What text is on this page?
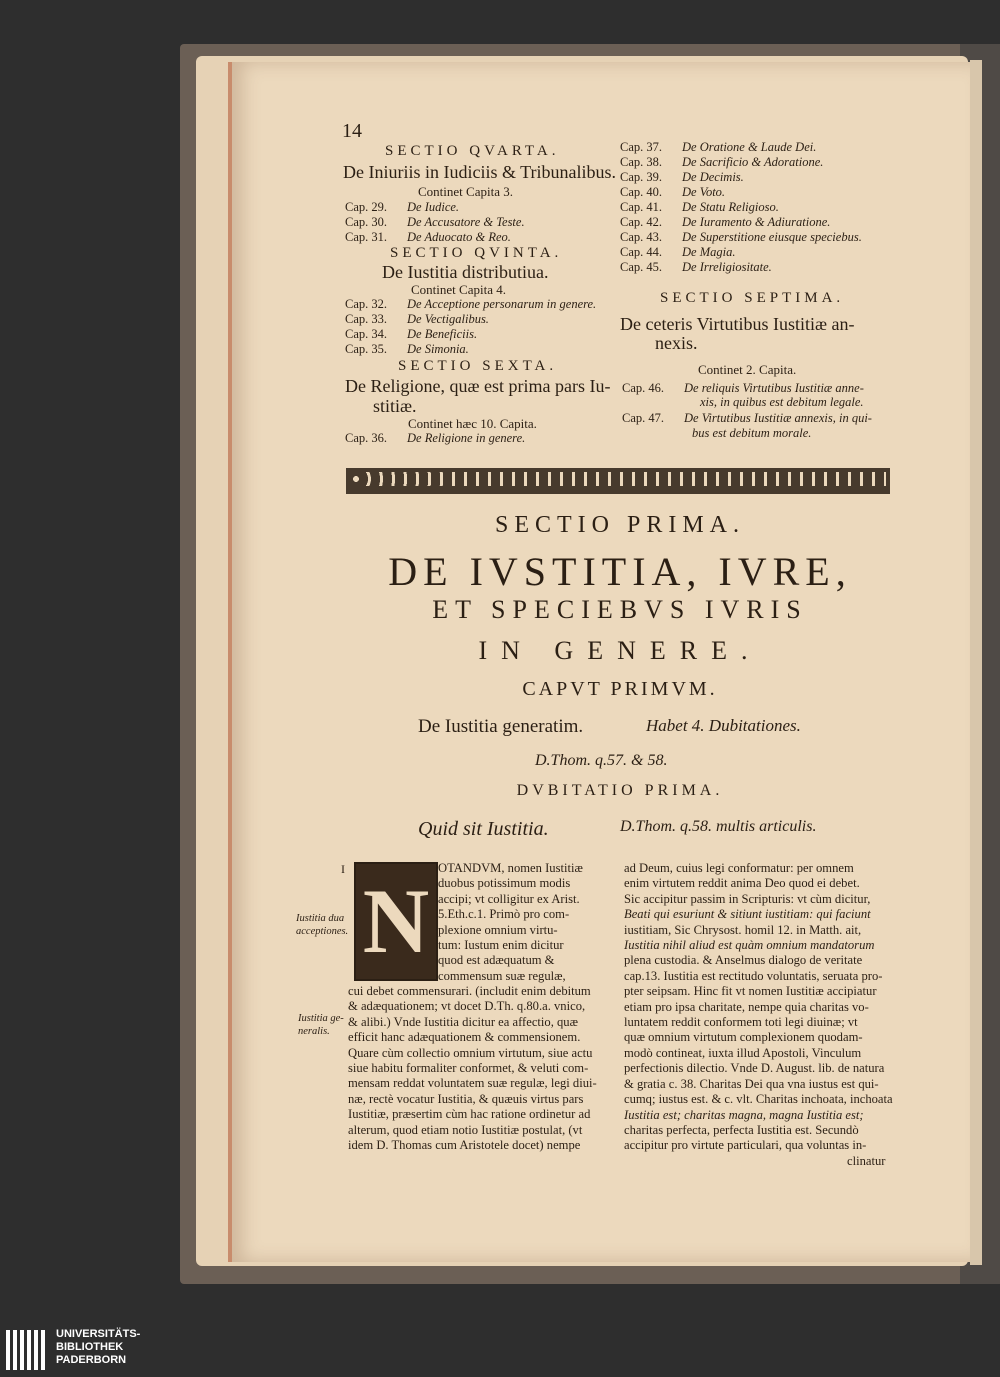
14
SECTIO QVARTA.
De Iniuriis in Iudiciis & Tribunalibus.
Continet Capita 3.
Cap. 29. De Iudice.
Cap. 30. De Accusatore & Teste.
Cap. 31. De Aduocato & Reo.
SECTIO QVINTA.
De Iustitia distributiua.
Continet Capita 4.
Cap. 32. De Acceptione personarum in genere.
Cap. 33. De Vectigalibus.
Cap. 34. De Beneficiis.
Cap. 35. De Simonia.
SECTIO SEXTA.
De Religione, quæ est prima pars Iu-
stitiæ.
Continet hæc 10. Capita.
Cap. 36. De Religione in genere.
Cap. 37. De Oratione & Laude Dei.
Cap. 38. De Sacrificio & Adoratione.
Cap. 39. De Decimis.
Cap. 40. De Voto.
Cap. 41. De Statu Religioso.
Cap. 42. De Iuramento & Adiuratione.
Cap. 43. De Superstitione eiusque speciebus.
Cap. 44. De Magia.
Cap. 45. De Irreligiositate.
SECTIO SEPTIMA.
De ceteris Virtutibus Iustitiæ an-
nexis.
Continet 2. Capita.
Cap. 46. De reliquis Virtutibus Iustitiæ anne-
xis, in quibus est debitum legale.
Cap. 47. De Virtutibus Iustitiæ annexis, in qui-
bus est debitum morale.
SECTIO PRIMA.
DE IVSTITIA, IVRE,
ET SPECIEBVS IVRIS
IN GENERE.
CAPVT PRIMVM.
De Iustitia generatim.	Habet 4. Dubitationes.
D.Thom. q.57. & 58.
DVBITATIO PRIMA.
Quid sit Iustitia.	D.Thom. q.58. multis articulis.
I
N
Iustitia dua
acceptiones.
Iustitia ge-
neralis.
OTANDVM, nomen Iustitiæ
duobus potissimum modis
accipi; vt colligitur ex Arist.
5.Eth.c.1. Primò pro com-
plexione omnium virtu-
tum: Iustum enim dicitur
quod est adæquatum &
commensum suæ regulæ,
cui debet commensurari. (includit enim debitum
& adæquationem; vt docet D.Th. q.80.a. vnico,
& alibi.) Vnde Iustitia dicitur ea affectio, quæ
efficit hanc adæquationem & commensionem.
Quare cùm collectio omnium virtutum, siue actu
siue habitu formaliter conformet, & veluti com-
mensam reddat voluntatem suæ regulæ, legi diui-
næ, rectè vocatur Iustitia, & quæuis virtus pars
Iustitiæ, præsertim cùm hac ratione ordinetur ad
alterum, quod etiam notio Iustitiæ postulat, (vt
idem D. Thomas cum Aristotele docet) nempe
ad Deum, cuius legi conformatur: per omnem
enim virtutem reddit anima Deo quod ei debet.
Sic accipitur passim in Scripturis: vt cùm dicitur,
Beati qui esuriunt & sitiunt iustitiam: qui faciunt
iustitiam, Sic Chrysost. homil 12. in Matth. ait,
Iustitia nihil aliud est quàm omnium mandatorum
plena custodia. & Anselmus dialogo de veritate
cap.13. Iustitia est rectitudo voluntatis, seruata pro-
pter seipsam. Hinc fit vt nomen Iustitiæ accipiatur
etiam pro ipsa charitate, nempe quia charitas vo-
luntatem reddit conformem toti legi diuinæ; vt
quæ omnium virtutum complexionem quodam-
modò contineat, iuxta illud Apostoli, Vinculum
perfectionis dilectio. Vnde D. August. lib. de natura
& gratia c. 38. Charitas Dei qua vna iustus est qui-
cumq; iustus est. & c. vlt. Charitas inchoata, inchoata
Iustitia est; charitas magna, magna Iustitia est;
charitas perfecta, perfecta Iustitia est. Secundò
accipitur pro virtute particulari, qua voluntas in-
clinatur
UNIVERSITÄTS-
BIBLIOTHEK
PADERBORN
